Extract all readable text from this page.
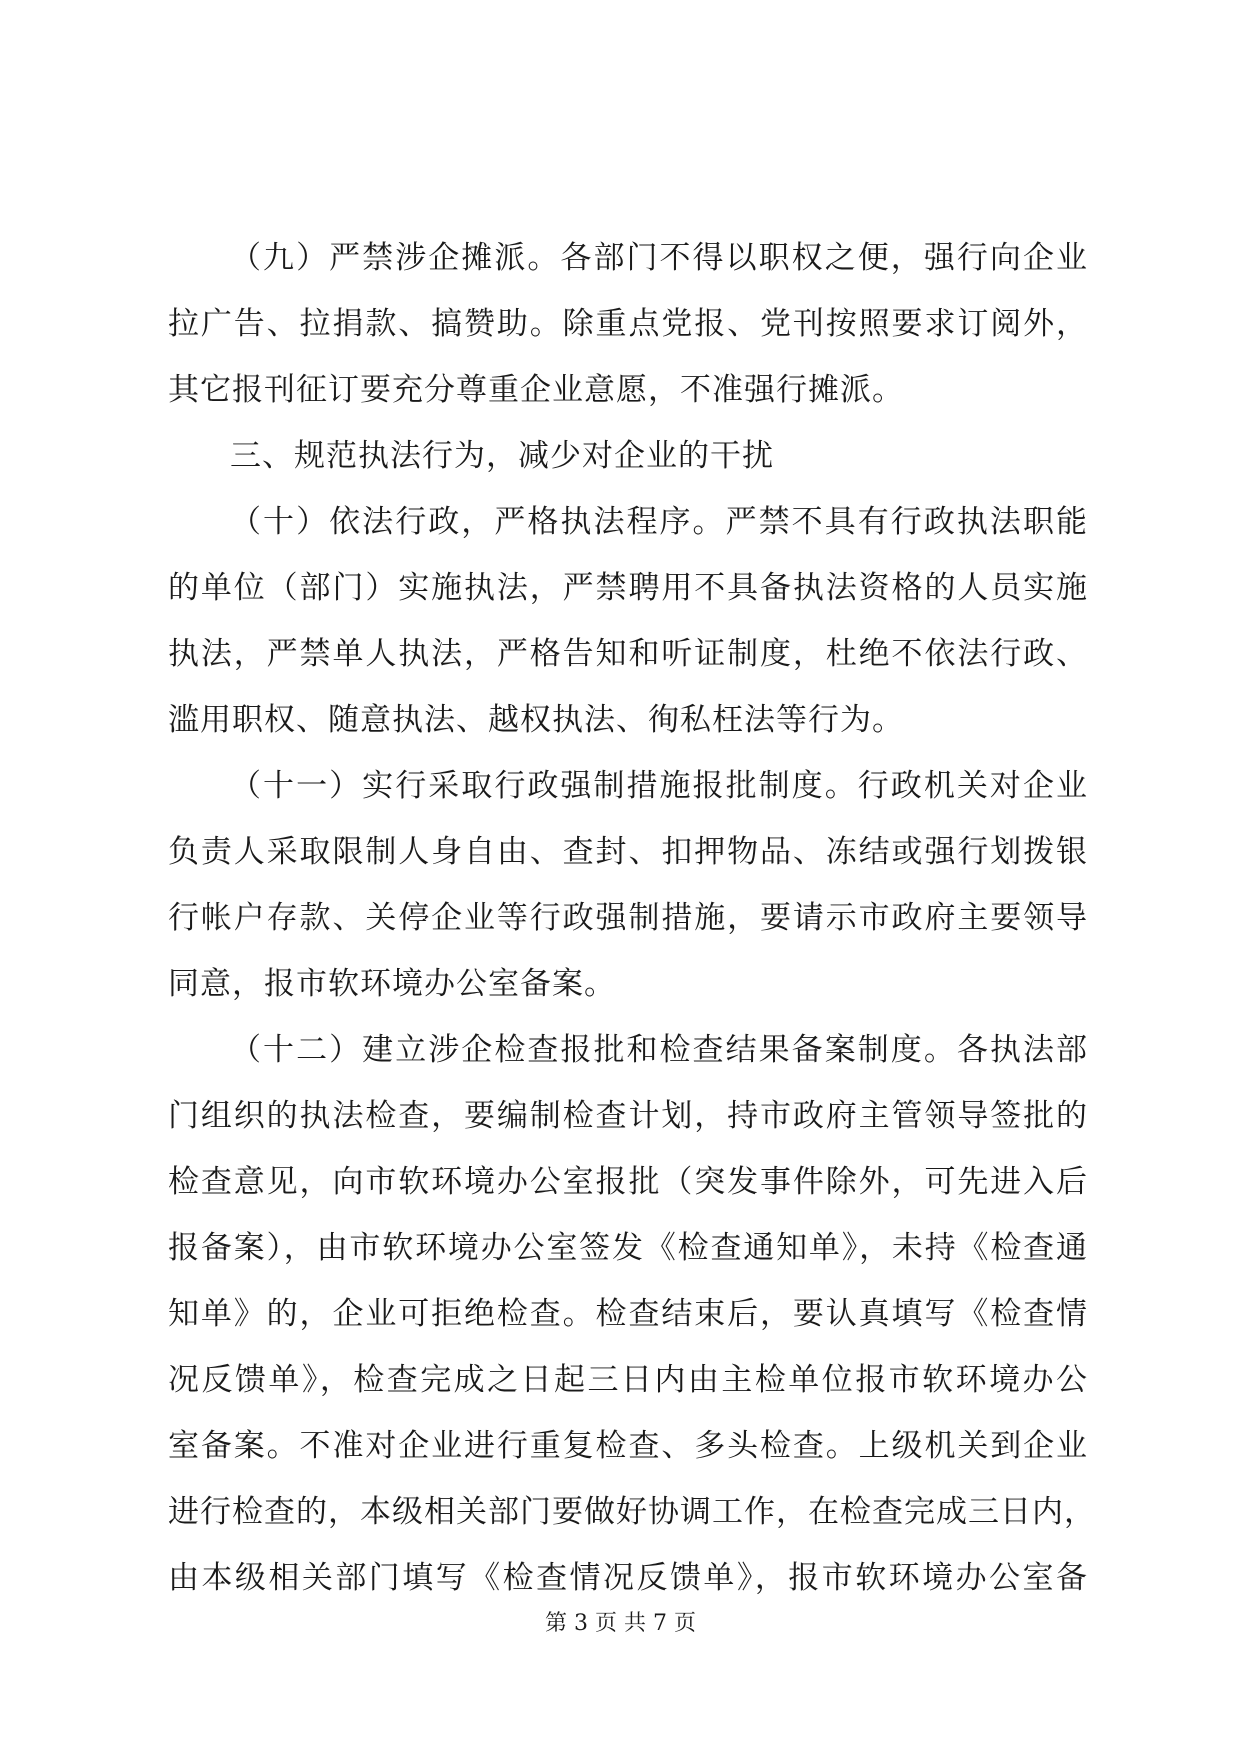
（九）严禁涉企摊派。各部门不得以职权之便，强行向企业
拉广告、拉捐款、搞赞助。除重点党报、党刊按照要求订阅外，
其它报刊征订要充分尊重企业意愿，不准强行摊派。
三、规范执法行为，减少对企业的干扰
（十）依法行政，严格执法程序。严禁不具有行政执法职能
的单位（部门）实施执法，严禁聘用不具备执法资格的人员实施
执法，严禁单人执法，严格告知和听证制度，杜绝不依法行政、
滥用职权、随意执法、越权执法、徇私枉法等行为。
（十一）实行采取行政强制措施报批制度。行政机关对企业
负责人采取限制人身自由、查封、扣押物品、冻结或强行划拨银
行帐户存款、关停企业等行政强制措施，要请示市政府主要领导
同意，报市软环境办公室备案。
（十二）建立涉企检查报批和检查结果备案制度。各执法部
门组织的执法检查，要编制检查计划，持市政府主管领导签批的
检查意见，向市软环境办公室报批（突发事件除外，可先进入后
报备案），由市软环境办公室签发《检查通知单》，未持《检查通
知单》的，企业可拒绝检查。检查结束后，要认真填写《检查情
况反馈单》，检查完成之日起三日内由主检单位报市软环境办公
室备案。不准对企业进行重复检查、多头检查。上级机关到企业
进行检查的，本级相关部门要做好协调工作，在检查完成三日内，
由本级相关部门填写《检查情况反馈单》，报市软环境办公室备
第 3 页 共 7 页
